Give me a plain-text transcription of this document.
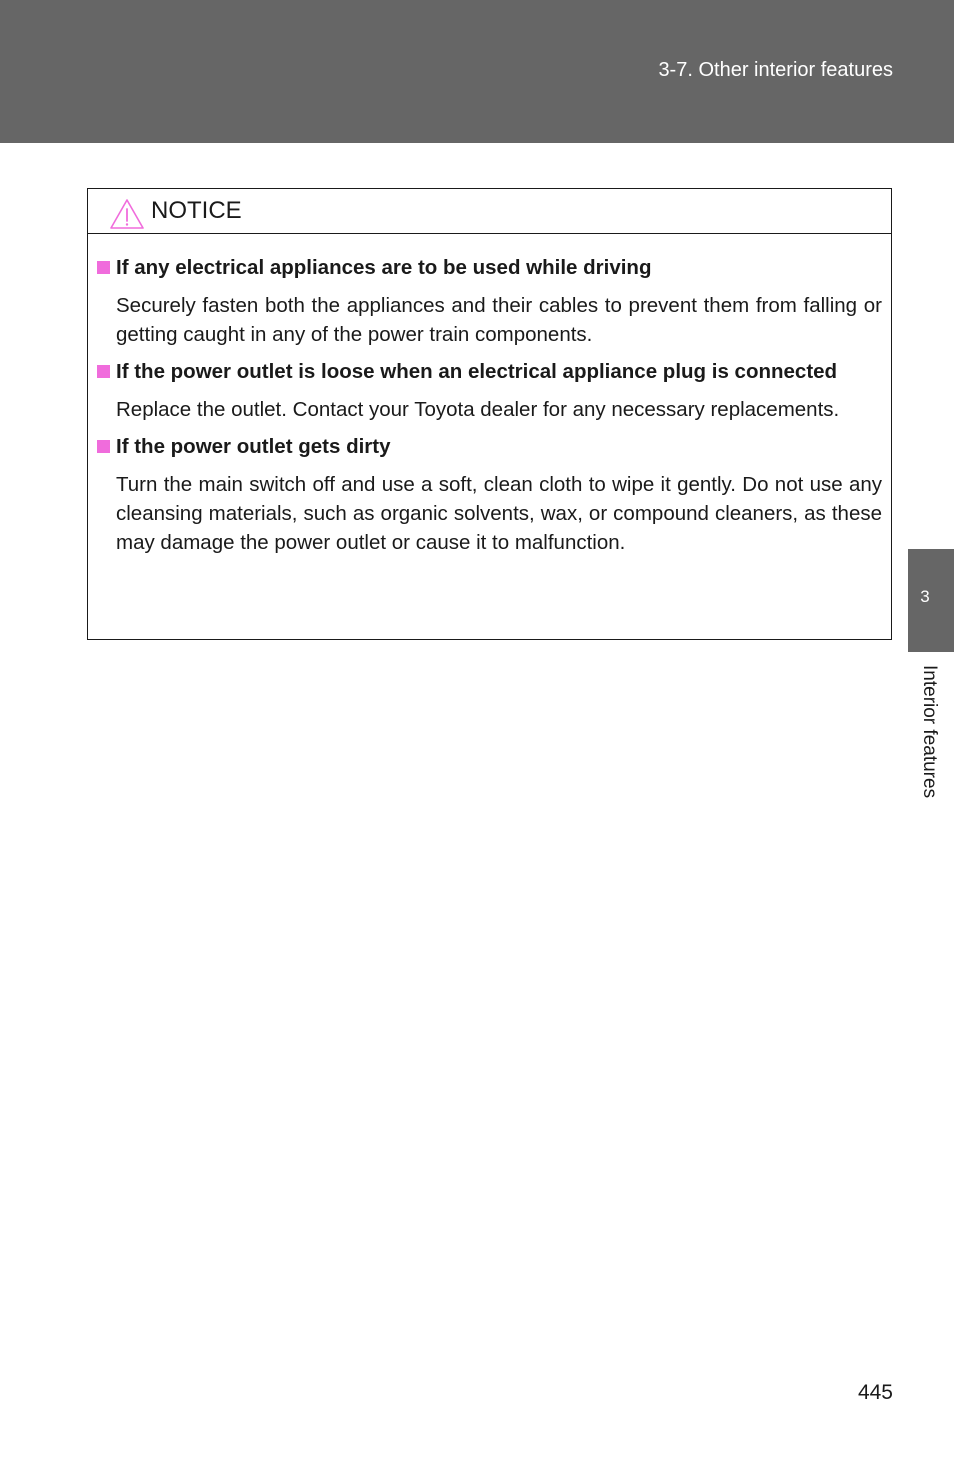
3-7. Other interior features
3
Interior features
NOTICE
If any electrical appliances are to be used while driving
Securely fasten both the appliances and their cables to prevent them from falling or getting caught in any of the power train components.
If the power outlet is loose when an electrical appliance plug is connected
Replace the outlet. Contact your Toyota dealer for any necessary replacements.
If the power outlet gets dirty
Turn the main switch off and use a soft, clean cloth to wipe it gently. Do not use any cleansing materials, such as organic solvents, wax, or compound cleaners, as these may damage the power outlet or cause it to malfunction.
445
